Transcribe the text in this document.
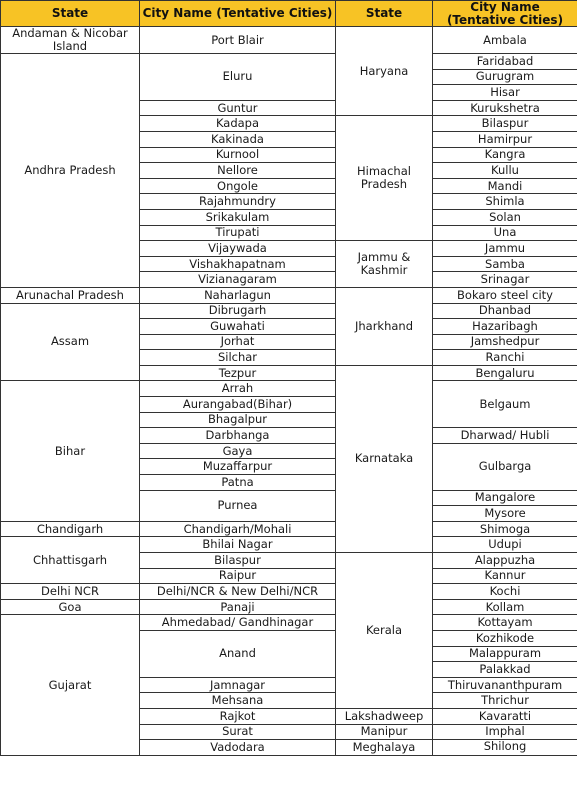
State	City Name (Tentative Cities)	State	City Name (Tentative Cities)
Andaman & Nicobar Island	Port Blair	Haryana	Ambala

Andhra Pradesh	Eluru		Faridabad
			Gurugram
			Hisar
	Guntur		Kurukshetra
	Kadapa	Himachal Pradesh	Bilaspur
	Kakinada		Hamirpur
	Kurnool		Kangra
	Nellore		Kullu
	Ongole		Mandi
	Rajahmundry		Shimla
	Srikakulam		Solan
	Tirupati		Una
	Vijaywada	Jammu & Kashmir	Jammu
	Vishakhapatnam		Samba
	Vizianagaram		Srinagar
Arunachal Pradesh	Naharlagun	Jharkhand	Bokaro steel city
Assam	Dibrugarh		Dhanbad
	Guwahati		Hazaribagh
	Jorhat		Jamshedpur
	Silchar		Ranchi
	Tezpur	Karnataka	Bengaluru
Bihar	Arrah		Belgaum
	Aurangabad(Bihar)		
	Bhagalpur		
	Darbhanga		Dharwad/ Hubli
	Gaya		Gulbarga
	Muzaffarpur		
	Patna		
	Purnea		Mangalore
			Mysore
Chandigarh	Chandigarh/Mohali		Shimoga
Chhattisgarh	Bhilai Nagar		Udupi
	Bilaspur	Kerala	Alappuzha
	Raipur		Kannur
Delhi NCR	Delhi/NCR & New Delhi/NCR		Kochi
Goa	Panaji		Kollam
Gujarat	Ahmedabad/ Gandhinagar		Kottayam
	Anand		Kozhikode
			Malappuram
			Palakkad
	Jamnagar		Thiruvananthpuram
	Mehsana		Thrichur
	Rajkot	Lakshadweep	Kavaratti
	Surat	Manipur	Imphal
	Vadodara	Meghalaya	Shilong
